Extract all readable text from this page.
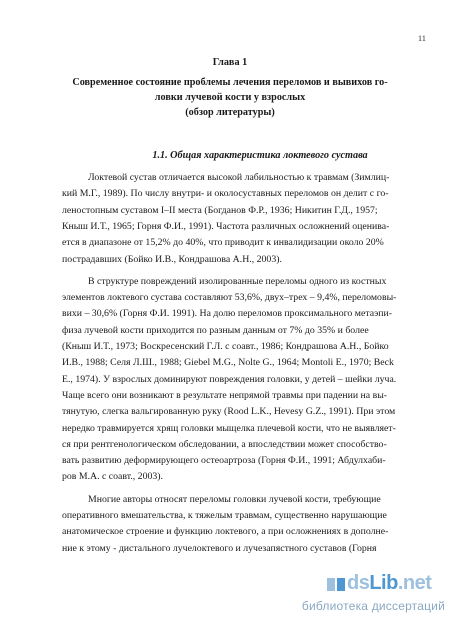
11
Глава 1
Современное состояние проблемы лечения переломов и вывихов го-
ловки лучевой кости у взрослых
(обзор литературы)
1.1. Общая характеристика локтевого сустава
Локтевой сустав отличается высокой лабильностью к травмам (Зимлиц-
кий М.Г., 1989). По числу внутри- и околосуставных переломов он делит с го-
леностопным суставом I–II места (Богданов Ф.Р., 1936; Никитин Г.Д., 1957;
Кныш И.Т., 1965; Горня Ф.И., 1991). Частота различных осложнений оценива-
ется в диапазоне от 15,2% до 40%, что приводит к инвалидизации около 20%
пострадавших (Бойко И.В., Кондрашова А.Н., 2003).
В структуре повреждений изолированные переломы одного из костных
элементов локтевого сустава составляют 53,6%, двух–трех – 9,4%, переломовы-
вихи – 30,6% (Горня Ф.И. 1991). На долю переломов проксимального метаэпи-
физа лучевой кости приходится по разным данным от 7% до 35% и более
(Кныш И.Т., 1973; Воскресенский Г.Л. с соавт., 1986; Кондрашова А.Н., Бойко
И.В., 1988; Селя Л.Ш., 1988; Giebel M.G., Nolte G., 1964; Montoli E., 1970; Beck
E., 1974). У взрослых доминируют повреждения головки, у детей – шейки луча.
Чаще всего они возникают в результате непрямой травмы при падении на вы-
тянутую, слегка вальгированную руку (Rood L.K., Hevesy G.Z., 1991). При этом
нередко травмируется хрящ головки мыщелка плечевой кости, что не выявляет-
ся при рентгенологическом обследовании, а впоследствии может способство-
вать развитию деформирующего остеоартроза (Горня Ф.И., 1991; Абдулхаби-
ров М.А. с соавт., 2003).
Многие авторы относят переломы головки лучевой кости, требующие
оперативного вмешательства, к тяжелым травмам, существенно нарушающие
анатомическое строение и функцию локтевого, а при осложнениях в дополне-
ние к этому - дистального лучелоктевого и лучезапястного суставов (Горня
dsLib.net
библиотека диссертаций
